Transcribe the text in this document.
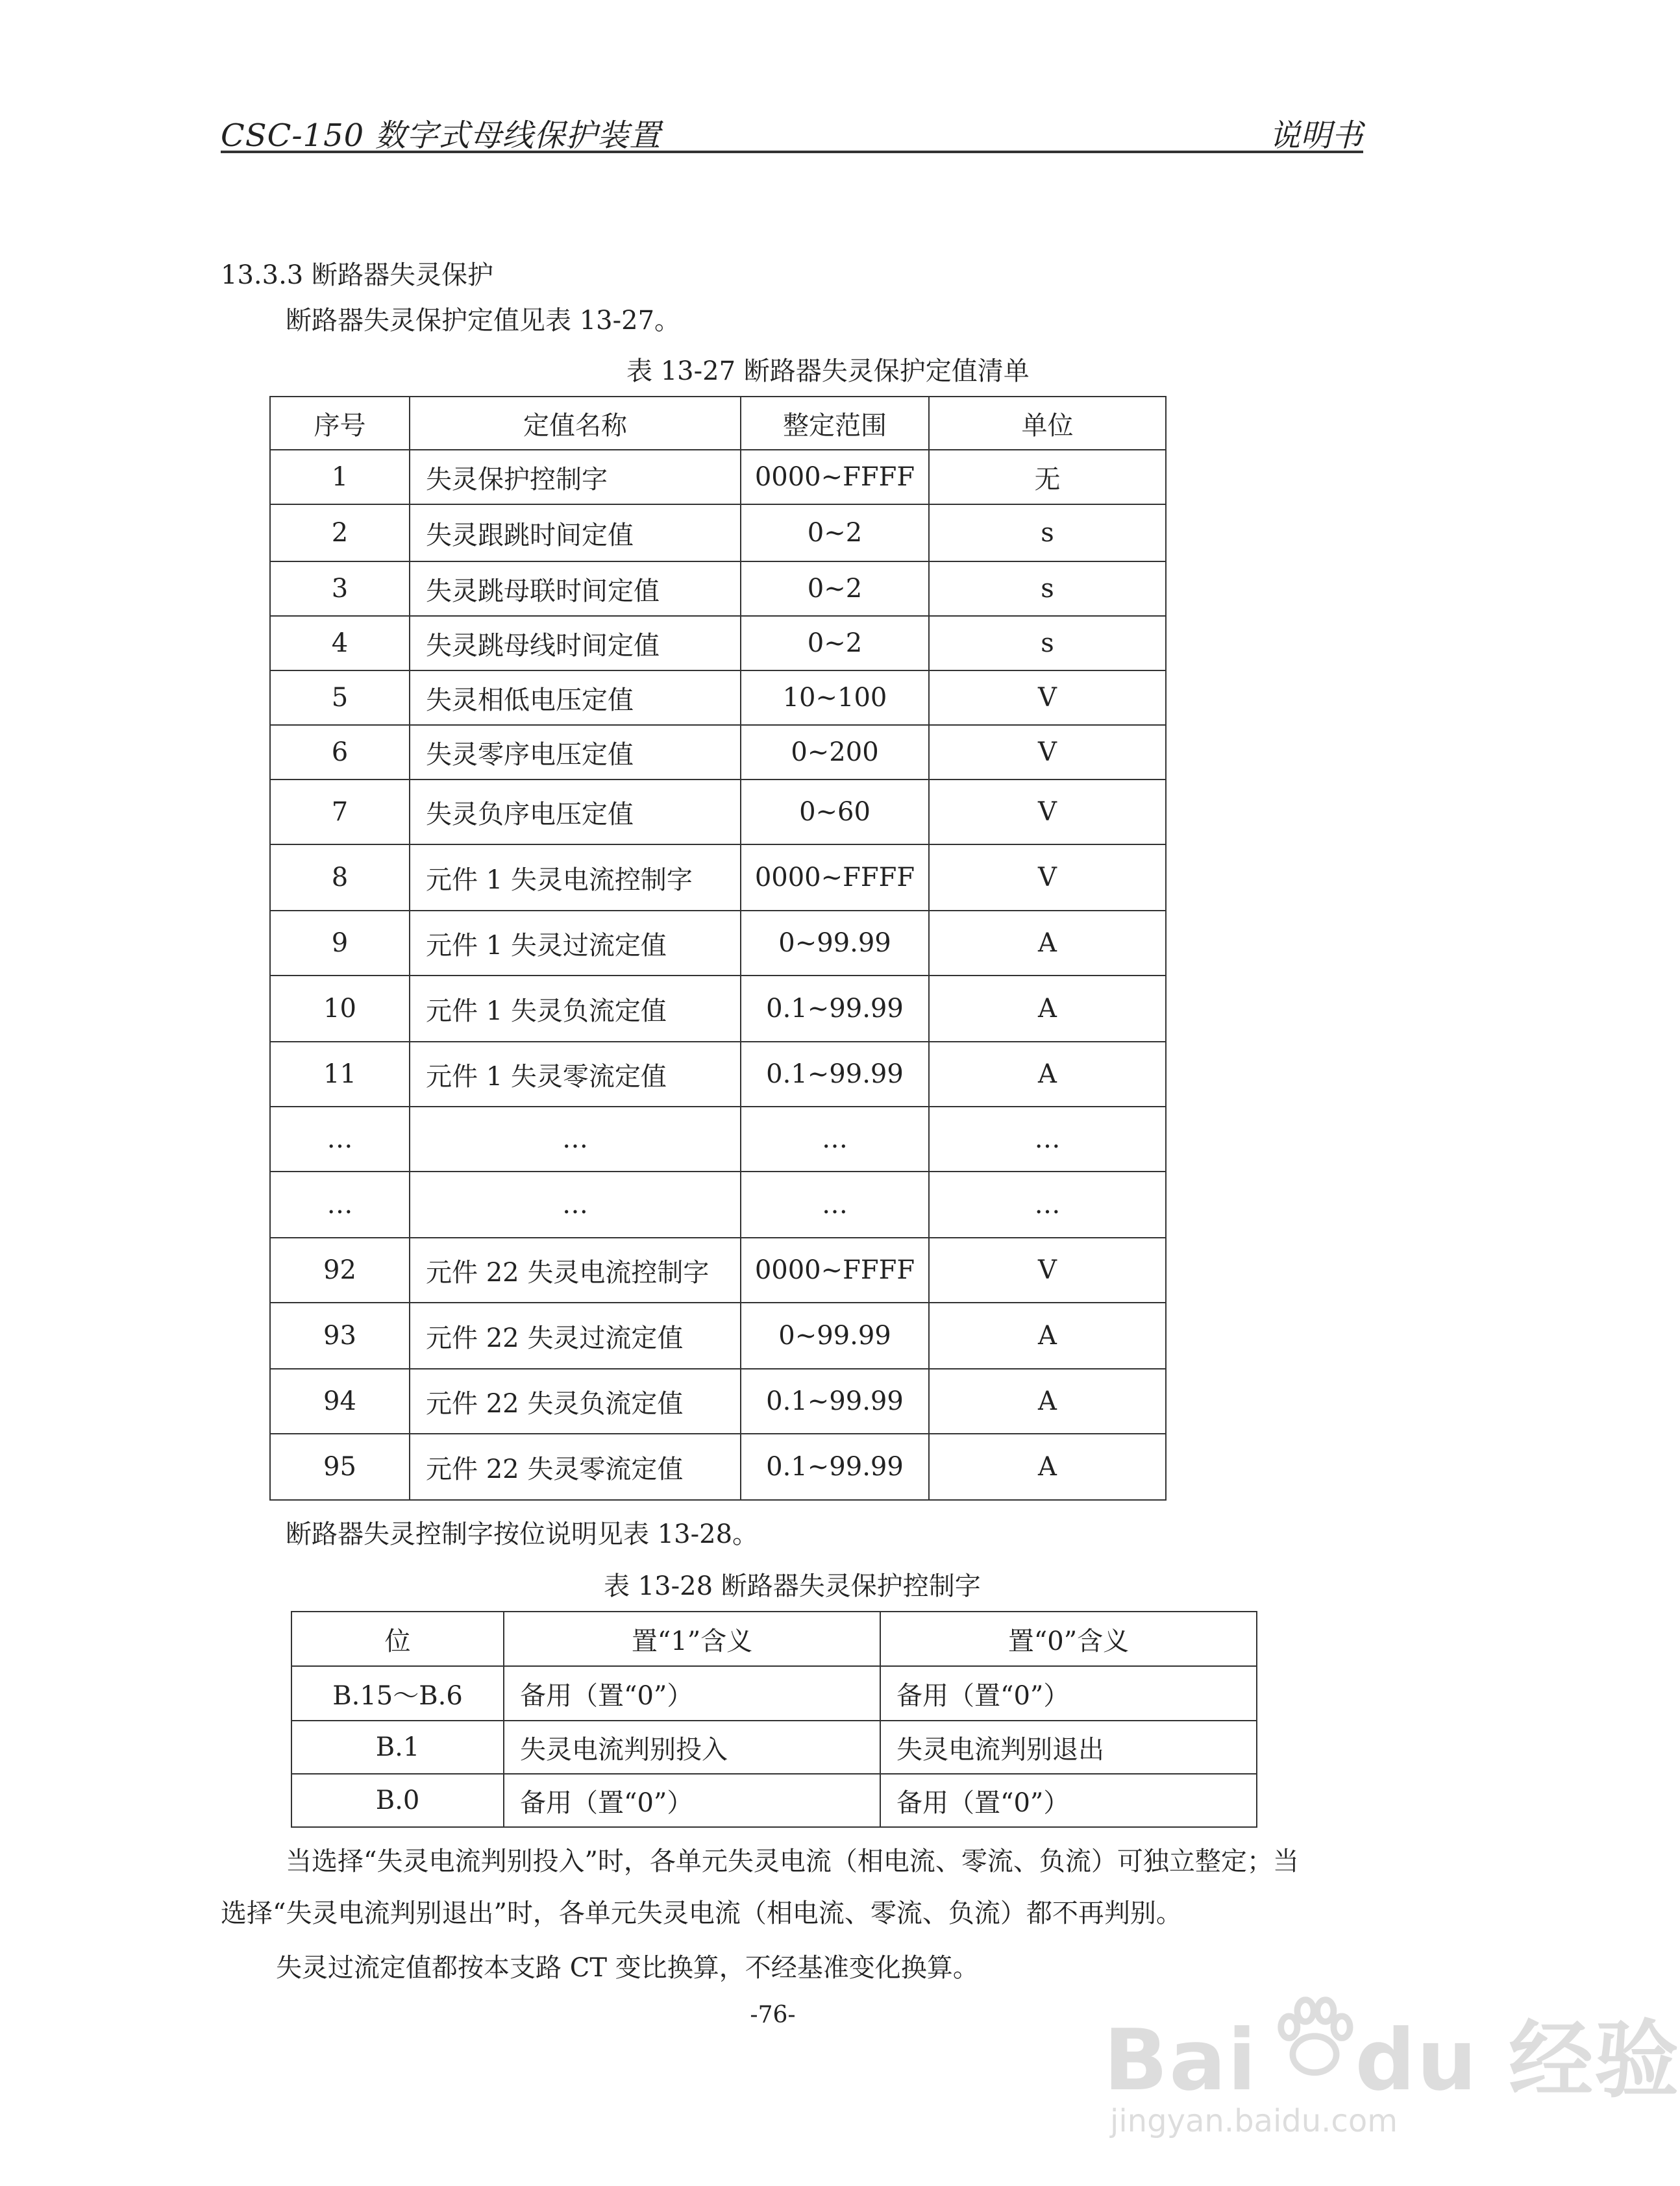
CSC-150 数字式母线保护装置	说明书
13.3.3 断路器失灵保护
断路器失灵保护定值见表 13-27。
表 13-27 断路器失灵保护定值清单
序号	定值名称	整定范围	单位
1	失灵保护控制字	0000~FFFF	无
2	失灵跟跳时间定值	0~2	s
3	失灵跳母联时间定值	0~2	s
4	失灵跳母线时间定值	0~2	s
5	失灵相低电压定值	10~100	V
6	失灵零序电压定值	0~200	V
7	失灵负序电压定值	0~60	V
8	元件 1 失灵电流控制字	0000~FFFF	V
9	元件 1 失灵过流定值	0~99.99	A
10	元件 1 失灵负流定值	0.1~99.99	A
11	元件 1 失灵零流定值	0.1~99.99	A
…	…	…	…
…	…	…	…
92	元件 22 失灵电流控制字	0000~FFFF	V
93	元件 22 失灵过流定值	0~99.99	A
94	元件 22 失灵负流定值	0.1~99.99	A
95	元件 22 失灵零流定值	0.1~99.99	A
断路器失灵控制字按位说明见表 13-28。
表 13-28 断路器失灵保护控制字
位	置“1”含义	置“0”含义
B.15～B.6	备用（置“0”）	备用（置“0”）
B.1	失灵电流判别投入	失灵电流判别退出
B.0	备用（置“0”）	备用（置“0”）
当选择“失灵电流判别投入”时，各单元失灵电流（相电流、零流、负流）可独立整定；当
选择“失灵电流判别退出”时，各单元失灵电流（相电流、零流、负流）都不再判别。
失灵过流定值都按本支路 CT 变比换算，不经基准变化换算。
-76-	Bai du 经验
jingyan.baidu.com
